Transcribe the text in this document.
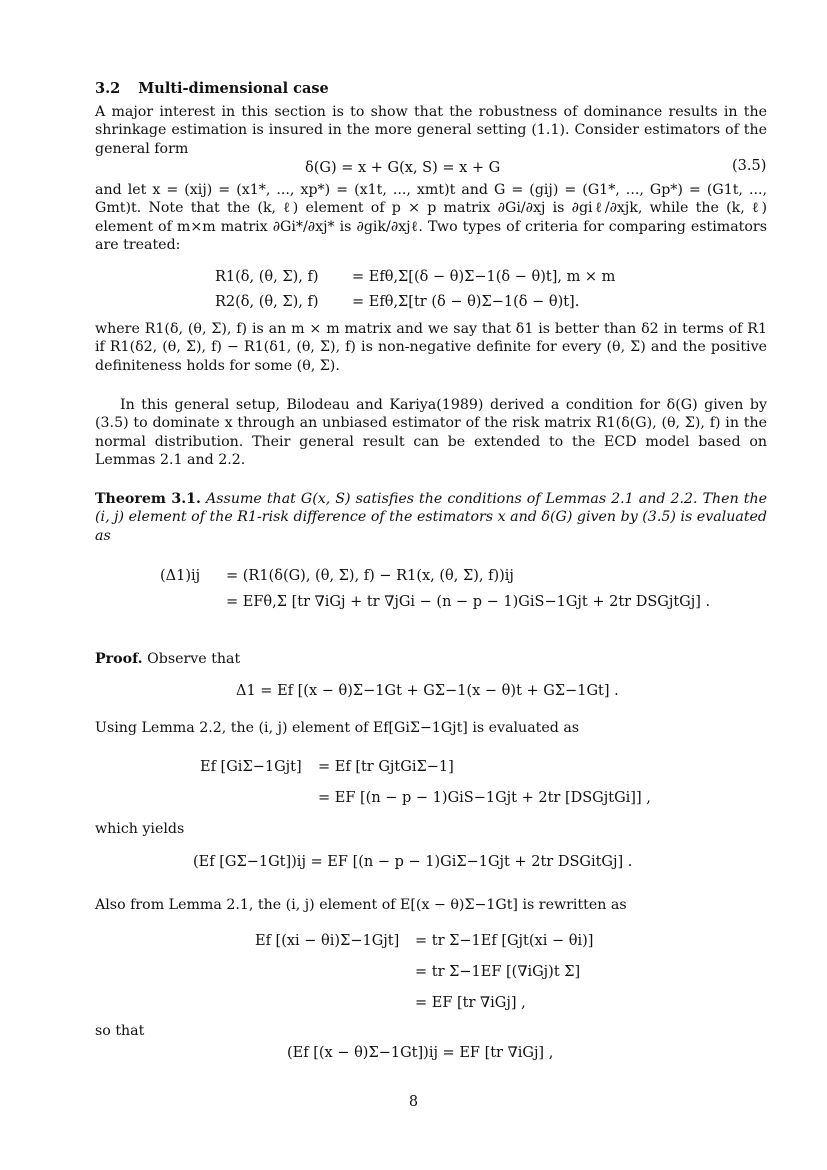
3.2 Multi-dimensional case
A major interest in this section is to show that the robustness of dominance results in the shrinkage estimation is insured in the more general setting (1.1). Consider estimators of the general form
δ(G) = x + G(x, S) = x + G	(3.5)
and let x = (xij) = (x1*, ..., xp*) = (x1t, ..., xmt)t and G = (gij) = (G1*, ..., Gp*) = (G1t, ..., Gmt)t. Note that the (k, ℓ) element of p × p matrix ∂Gi/∂xj is ∂giℓ/∂xjk, while the (k, ℓ) element of m×m matrix ∂Gi*/∂xj* is ∂gik/∂xjℓ. Two types of criteria for comparing estimators are treated:
R1(δ, (θ, Σ), f) = Efθ,Σ[(δ − θ)Σ−1(δ − θ)t], m × m
R2(δ, (θ, Σ), f) = Efθ,Σ[tr (δ − θ)Σ−1(δ − θ)t].
where R1(δ, (θ, Σ), f) is an m × m matrix and we say that δ1 is better than δ2 in terms of R1 if R1(δ2, (θ, Σ), f) − R1(δ1, (θ, Σ), f) is non-negative definite for every (θ, Σ) and the positive definiteness holds for some (θ, Σ).
In this general setup, Bilodeau and Kariya(1989) derived a condition for δ(G) given by (3.5) to dominate x through an unbiased estimator of the risk matrix R1(δ(G), (θ, Σ), f) in the normal distribution. Their general result can be extended to the ECD model based on Lemmas 2.1 and 2.2.
Theorem 3.1. Assume that G(x, S) satisfies the conditions of Lemmas 2.1 and 2.2. Then the (i, j) element of the R1-risk difference of the estimators x and δ(G) given by (3.5) is evaluated as
(Δ1)ij = (R1(δ(G), (θ, Σ), f) − R1(x, (θ, Σ), f))ij
= EFθ,Σ [tr ∇iGj + tr ∇jGi − (n − p − 1)GiS−1Gjt + 2tr DSGjtGj] .
Proof. Observe that
Δ1 = Ef [(x − θ)Σ−1Gt + GΣ−1(x − θ)t + GΣ−1Gt] .
Using Lemma 2.2, the (i, j) element of Ef[GiΣ−1Gjt] is evaluated as
Ef [GiΣ−1Gjt] = Ef [tr GjtGiΣ−1]
= EF [(n − p − 1)GiS−1Gjt + 2tr [DSGjtGi]] ,
which yields
(Ef [GΣ−1Gt])ij = EF [(n − p − 1)GiΣ−1Gjt + 2tr DSGitGj] .
Also from Lemma 2.1, the (i, j) element of E[(x − θ)Σ−1Gt] is rewritten as
Ef [(xi − θi)Σ−1Gjt] = tr Σ−1Ef [Gjt(xi − θi)]
= tr Σ−1EF [(∇iGj)t Σ]
= EF [tr ∇iGj] ,
so that
(Ef [(x − θ)Σ−1Gt])ij = EF [tr ∇iGj] ,
8
